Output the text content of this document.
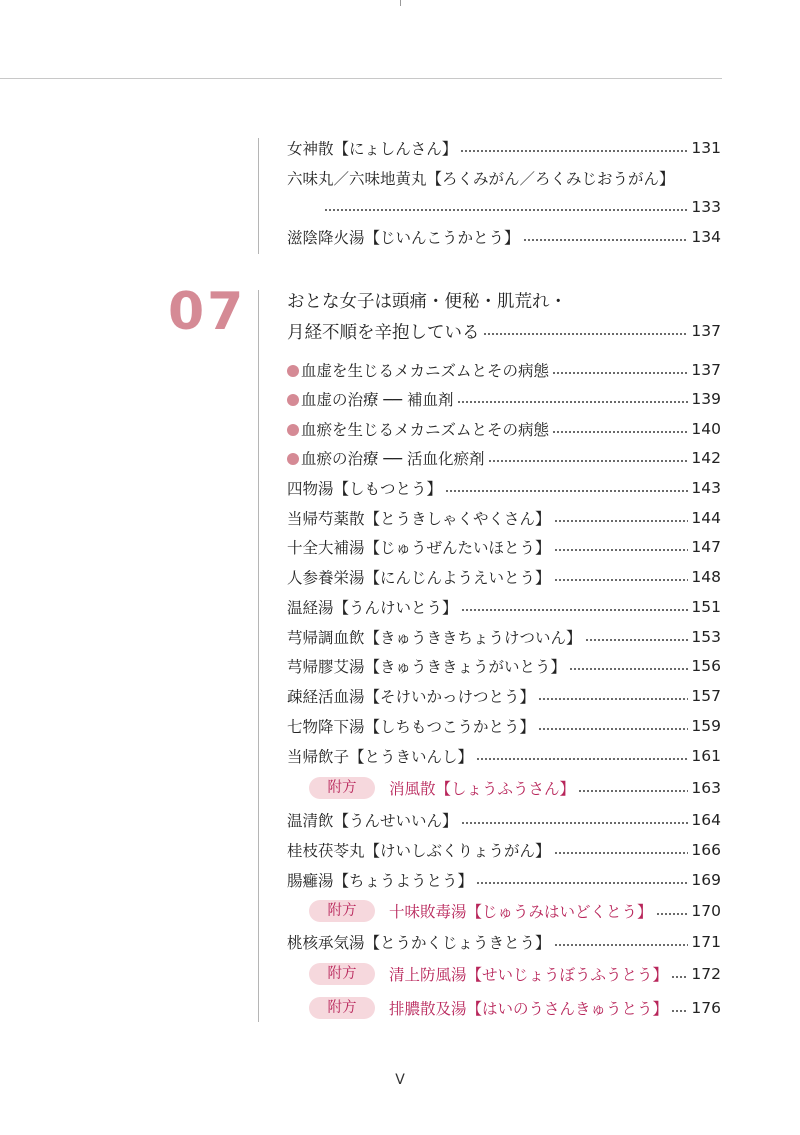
07
女神散【にょしんさん】	131
六味丸／六味地黄丸【ろくみがん／ろくみじおうがん】
133
滋陰降火湯【じいんこうかとう】	134
おとな女子は頭痛・便秘・肌荒れ・
月経不順を辛抱している	137
血虚を生じるメカニズムとその病態	137
血虚の治療 ── 補血剤	139
血瘀を生じるメカニズムとその病態	140
血瘀の治療 ── 活血化瘀剤	142
四物湯【しもつとう】	143
当帰芍薬散【とうきしゃくやくさん】	144
十全大補湯【じゅうぜんたいほとう】	147
人参養栄湯【にんじんようえいとう】	148
温経湯【うんけいとう】	151
芎帰調血飲【きゅうききちょうけついん】	153
芎帰膠艾湯【きゅうききょうがいとう】	156
疎経活血湯【そけいかっけつとう】	157
七物降下湯【しちもつこうかとう】	159
当帰飲子【とうきいんし】	161
附方	消風散【しょうふうさん】	163
温清飲【うんせいいん】	164
桂枝茯苓丸【けいしぶくりょうがん】	166
腸癰湯【ちょうようとう】	169
附方	十味敗毒湯【じゅうみはいどくとう】	170
桃核承気湯【とうかくじょうきとう】	171
附方	清上防風湯【せいじょうぼうふうとう】 172
附方	排膿散及湯【はいのうさんきゅうとう】 176
V
